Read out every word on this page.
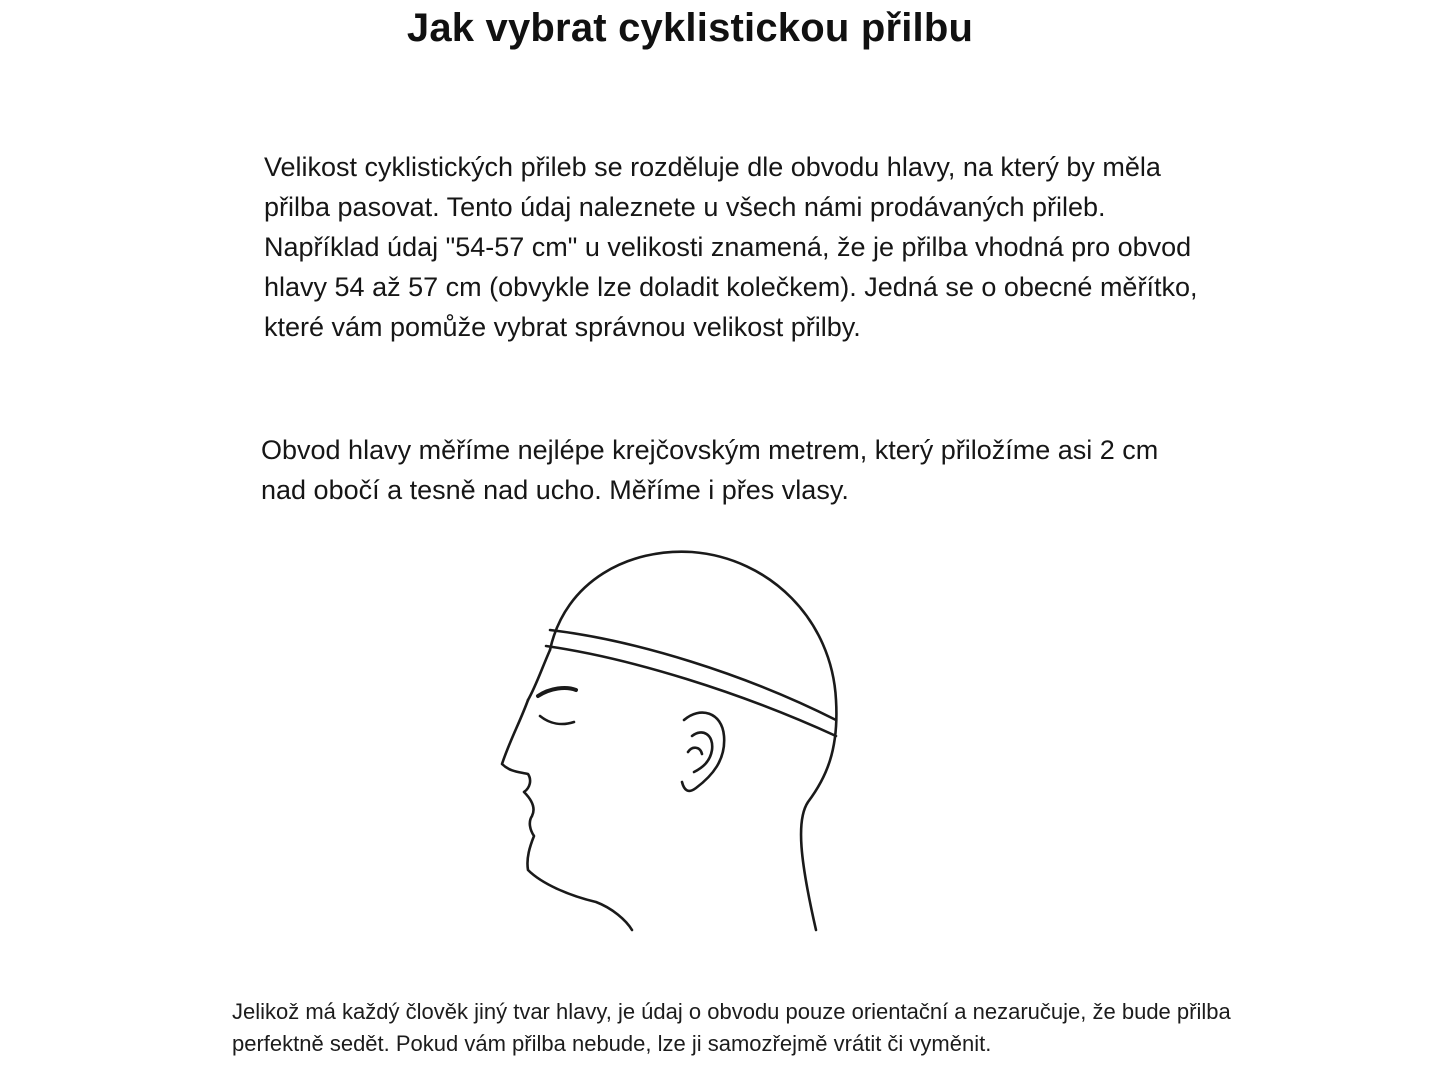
Jak vybrat cyklistickou přilbu

Velikost cyklistických přileb se rozděluje dle obvodu hlavy, na který by měla přilba pasovat. Tento údaj naleznete u všech námi prodávaných přileb. Například údaj "54-57 cm" u velikosti znamená, že je přilba vhodná pro obvod hlavy 54 až 57 cm (obvykle lze doladit kolečkem). Jedná se o obecné měřítko, které vám pomůže vybrat správnou velikost přilby.

Obvod hlavy měříme nejlépe krejčovským metrem, který přiložíme asi 2 cm nad obočí a tesně nad ucho. Měříme i přes vlasy.

Jelikož má každý člověk jiný tvar hlavy, je údaj o obvodu pouze orientační a nezaručuje, že bude přilba perfektně sedět. Pokud vám přilba nebude, lze ji samozřejmě vrátit či vyměnit.
